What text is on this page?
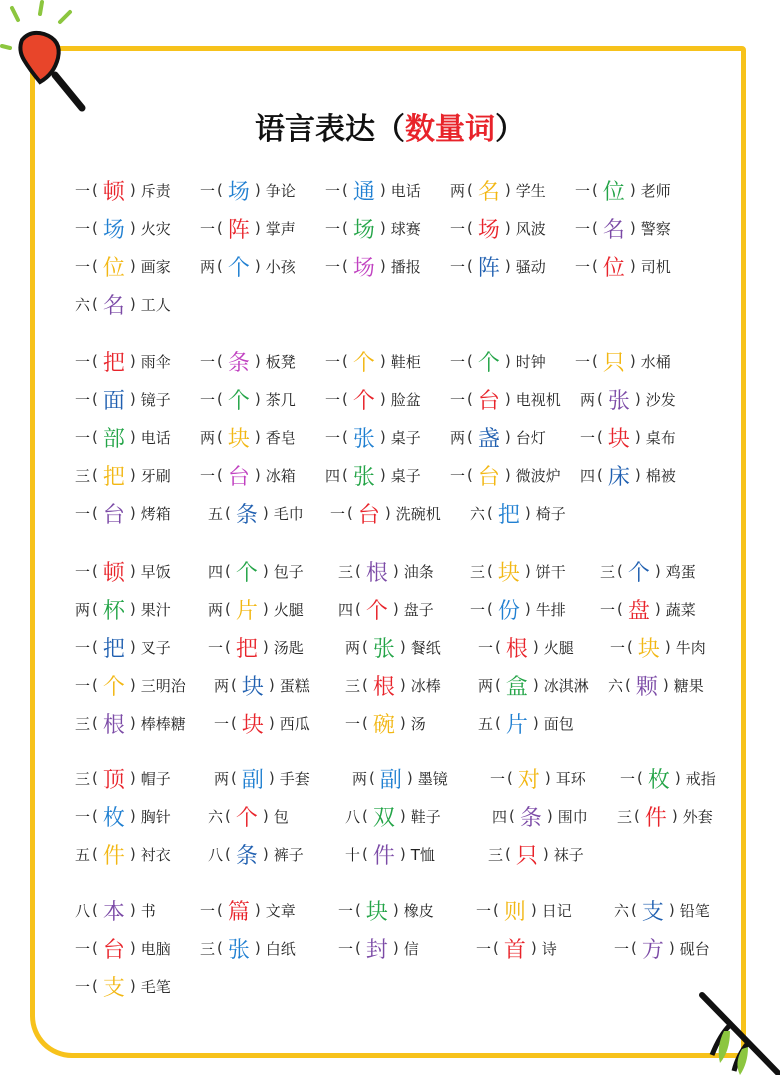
语言表达（数量词）
一 ( 顿 ) 斥责 一 ( 场 ) 争论 一 ( 通 ) 电话 两 ( 名 ) 学生 一 ( 位 ) 老师
一 ( 场 ) 火灾 一 ( 阵 ) 掌声 一 ( 场 ) 球赛 一 ( 场 ) 风波 一 ( 名 ) 警察
一 ( 位 ) 画家 两 ( 个 ) 小孩 一 ( 场 ) 播报 一 ( 阵 ) 骚动 一 ( 位 ) 司机
六 ( 名 ) 工人
一 ( 把 ) 雨伞 一 ( 条 ) 板凳 一 ( 个 ) 鞋柜 一 ( 个 ) 时钟 一 ( 只 ) 水桶
一 ( 面 ) 镜子 一 ( 个 ) 茶几 一 ( 个 ) 脸盆 一 ( 台 ) 电视机 两 ( 张 ) 沙发
一 ( 部 ) 电话 两 ( 块 ) 香皂 一 ( 张 ) 桌子 两 ( 盏 ) 台灯 一 ( 块 ) 桌布
三 ( 把 ) 牙刷 一 ( 台 ) 冰箱 四 ( 张 ) 桌子 一 ( 台 ) 微波炉 四 ( 床 ) 棉被
一 ( 台 ) 烤箱 五 ( 条 ) 毛巾 一 ( 台 ) 洗碗机 六 ( 把 ) 椅子
一 ( 顿 ) 早饭 四 ( 个 ) 包子 三 ( 根 ) 油条 三 ( 块 ) 饼干 三 ( 个 ) 鸡蛋
两 ( 杯 ) 果汁 两 ( 片 ) 火腿 四 ( 个 ) 盘子 一 ( 份 ) 牛排 一 ( 盘 ) 蔬菜
一 ( 把 ) 叉子 一 ( 把 ) 汤匙	两 ( 张 ) 餐纸 一 ( 根 ) 火腿 一 ( 块 ) 牛肉
一 ( 个 ) 三明治 两 ( 块 ) 蛋糕 三 ( 根 ) 冰棒 两 ( 盒 ) 冰淇淋 六 ( 颗 ) 糖果
三 ( 根 ) 棒棒糖 一 ( 块 ) 西瓜 一 ( 碗 ) 汤	五 ( 片 ) 面包
三 ( 顶 ) 帽子	两 ( 副 ) 手套	两 ( 副 ) 墨镜	一 ( 对 ) 耳环 一 ( 枚 ) 戒指
一 ( 枚 ) 胸针 六 ( 个 ) 包	八 ( 双 ) 鞋子	四 ( 条 ) 围巾 三 ( 件 ) 外套
五 ( 件 ) 衬衣 八 ( 条 ) 裤子	十 ( 件 ) T恤	三 ( 只 ) 袜子
八 ( 本 ) 书	一 ( 篇 ) 文章	一 ( 块 ) 橡皮	一 ( 则 ) 日记	六 ( 支 ) 铅笔
一 ( 台 ) 电脑 三 ( 张 ) 白纸	一 ( 封 ) 信	一 ( 首 ) 诗	一 ( 方 ) 砚台
一 ( 支 ) 毛笔
